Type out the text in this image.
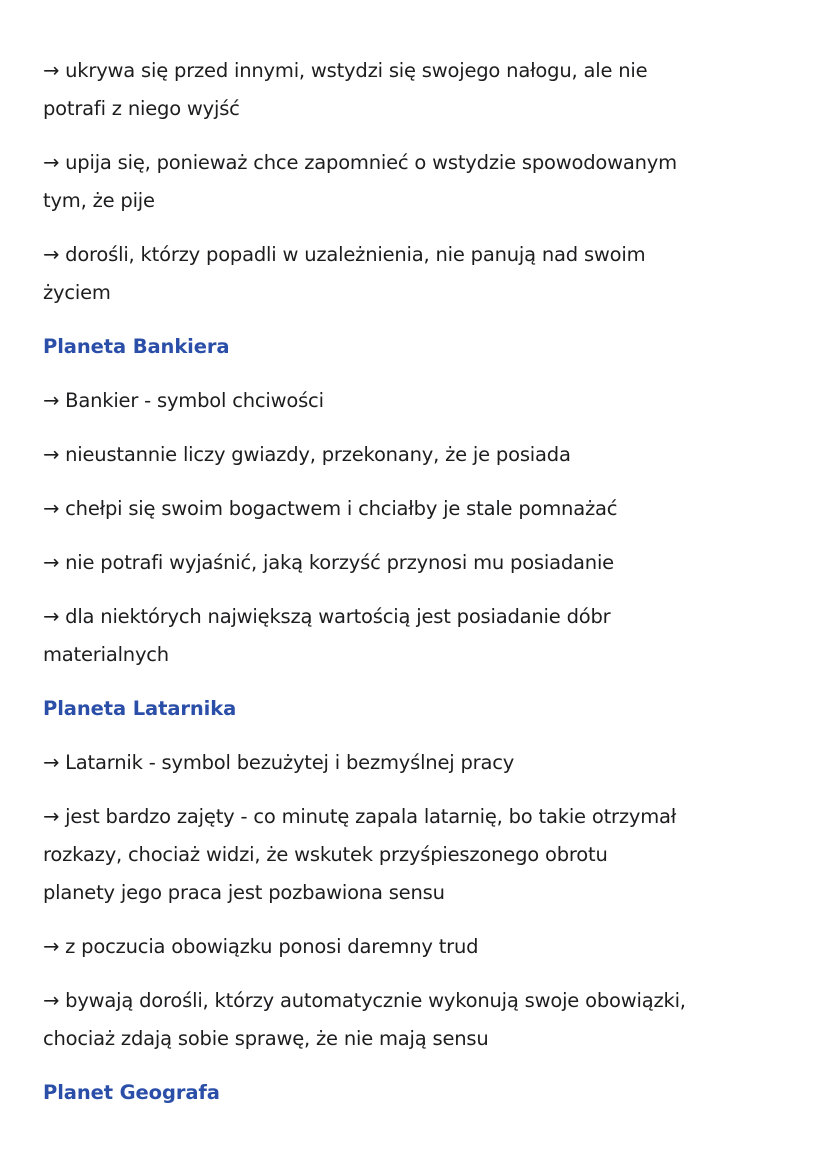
→ ukrywa się przed innymi, wstydzi się swojego nałogu, ale nie
potrafi z niego wyjść
→ upija się, ponieważ chce zapomnieć o wstydzie spowodowanym
tym, że pije
→ dorośli, którzy popadli w uzależnienia, nie panują nad swoim
życiem
Planeta Bankiera
→ Bankier - symbol chciwości
→ nieustannie liczy gwiazdy, przekonany, że je posiada
→ chełpi się swoim bogactwem i chciałby je stale pomnażać
→ nie potrafi wyjaśnić, jaką korzyść przynosi mu posiadanie
→ dla niektórych największą wartością jest posiadanie dóbr
materialnych
Planeta Latarnika
→ Latarnik - symbol bezużytej i bezmyślnej pracy
→ jest bardzo zajęty - co minutę zapala latarnię, bo takie otrzymał
rozkazy, chociaż widzi, że wskutek przyśpieszonego obrotu
planety jego praca jest pozbawiona sensu
→ z poczucia obowiązku ponosi daremny trud
→ bywają dorośli, którzy automatycznie wykonują swoje obowiązki,
chociaż zdają sobie sprawę, że nie mają sensu
Planet Geografa
